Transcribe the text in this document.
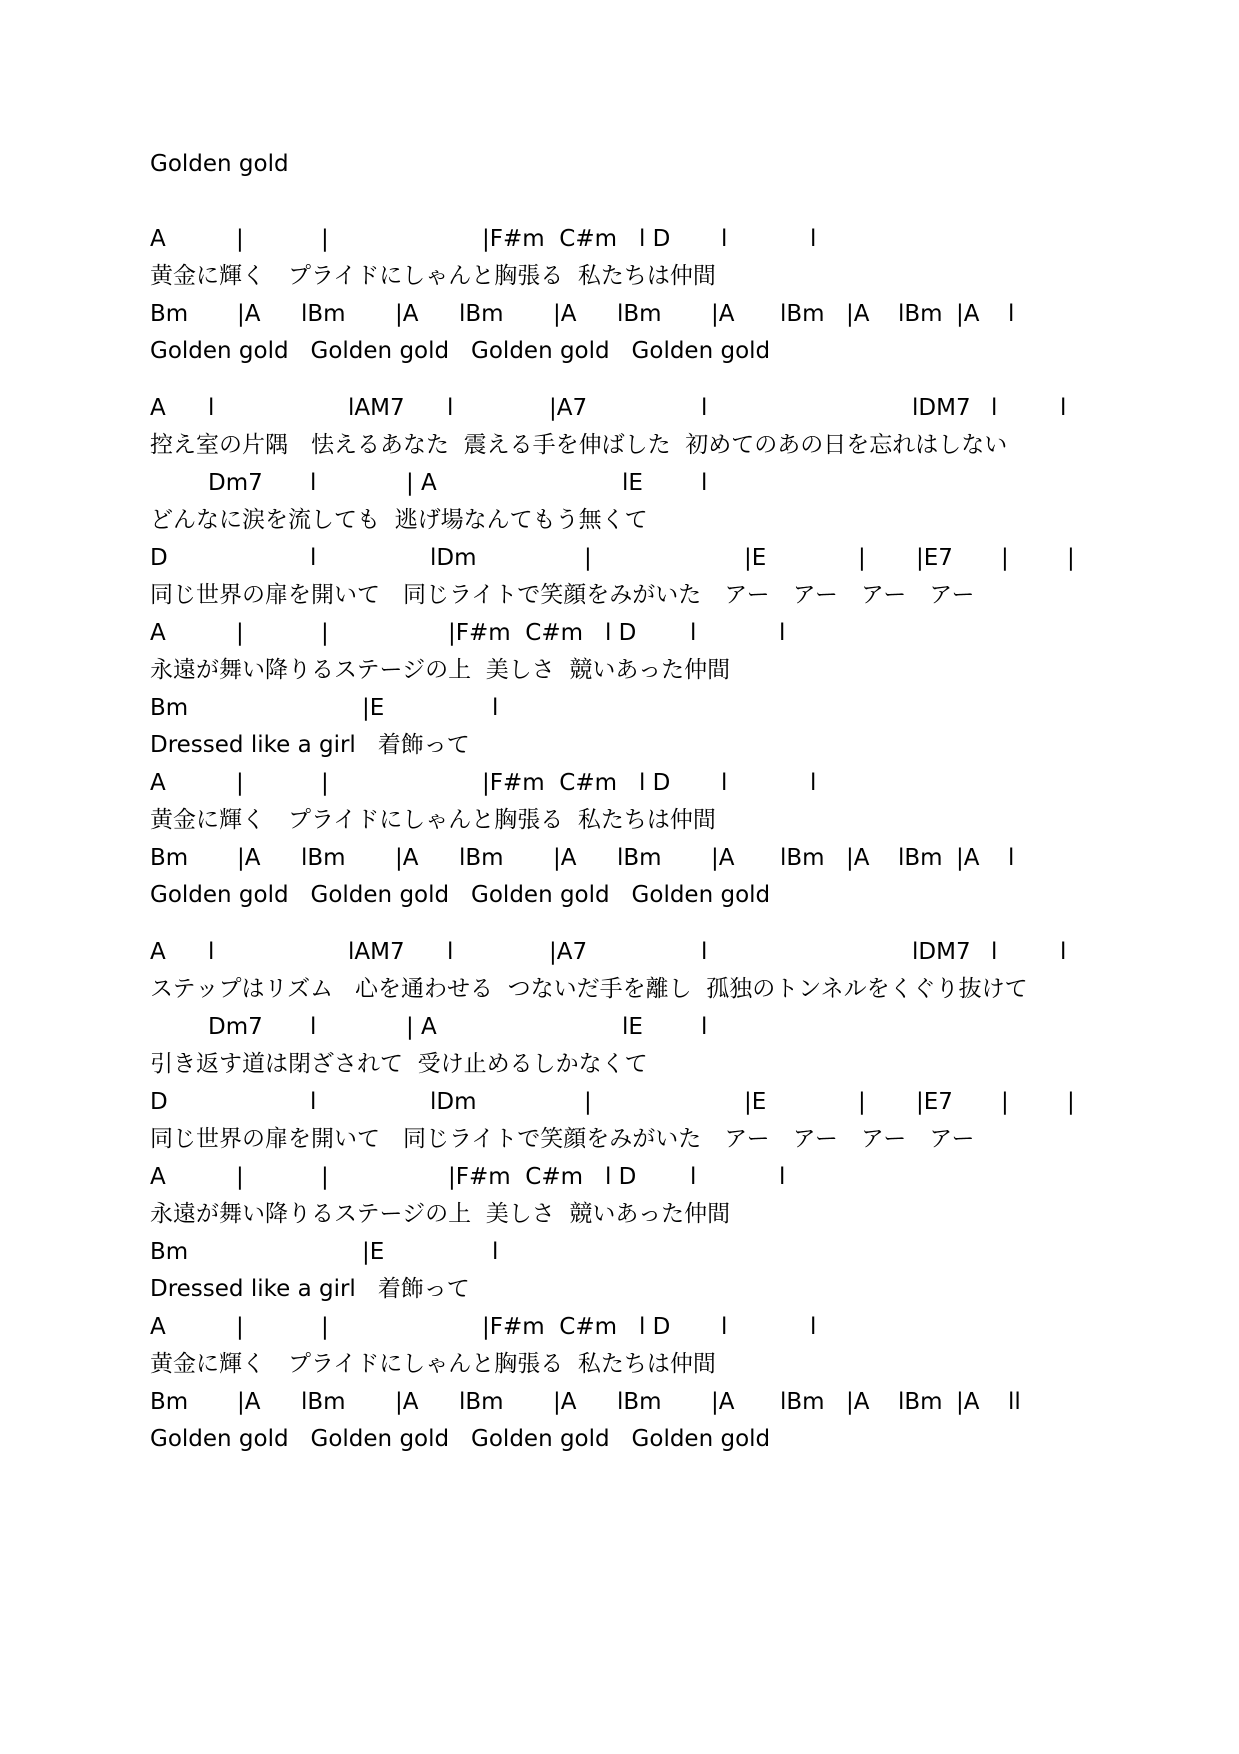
Golden gold
A	|	|	|F#m  C#m   l D l	l
黄金に輝く　プライドにしゃんと胸張る  私たちは仲間
Bm |A lBm |A lBm |A lBm |A lBm |A lBm |A l
Golden gold   Golden gold   Golden gold   Golden gold
A l	lAM7 l	|A7	l	lDM7 l	l
控え室の片隅　怯えるあなた  震える手を伸ばした  初めてのあの日を忘れはしない
Dm7 l	| A	lE	l
どんなに涙を流しても  逃げ場なんてもう無くて
D	l	lDm	|	|E	| |E7 |	|
同じ世界の扉を開いて　同じライトで笑顔をみがいた　アー　アー　アー　アー
A	|	|	|F#m  C#m   l D l	l
永遠が舞い降りるステージの上  美しさ  競いあった仲間
Bm	|E	l
Dressed like a girl   着飾って
A	|	|	|F#m  C#m   l D l	l
黄金に輝く　プライドにしゃんと胸張る  私たちは仲間
Bm |A lBm |A lBm |A lBm |A lBm |A lBm |A l
Golden gold   Golden gold   Golden gold   Golden gold
A l	lAM7 l	|A7	l	lDM7 l	l
ステップはリズム   心を通わせる  つないだ手を離し  孤独のトンネルをくぐり抜けて
Dm7 l	| A	lE	l
引き返す道は閉ざされて  受け止めるしかなくて
D	l	lDm	|	|E	| |E7 |	|
同じ世界の扉を開いて　同じライトで笑顔をみがいた　アー　アー　アー　アー
A	|	|	|F#m  C#m   l D l	l
永遠が舞い降りるステージの上  美しさ  競いあった仲間
Bm	|E	l
Dressed like a girl   着飾って
A	|	|	|F#m  C#m   l D l	l
黄金に輝く　プライドにしゃんと胸張る  私たちは仲間
Bm |A lBm |A lBm |A lBm |A lBm |A lBm |A ll
Golden gold   Golden gold   Golden gold   Golden gold
